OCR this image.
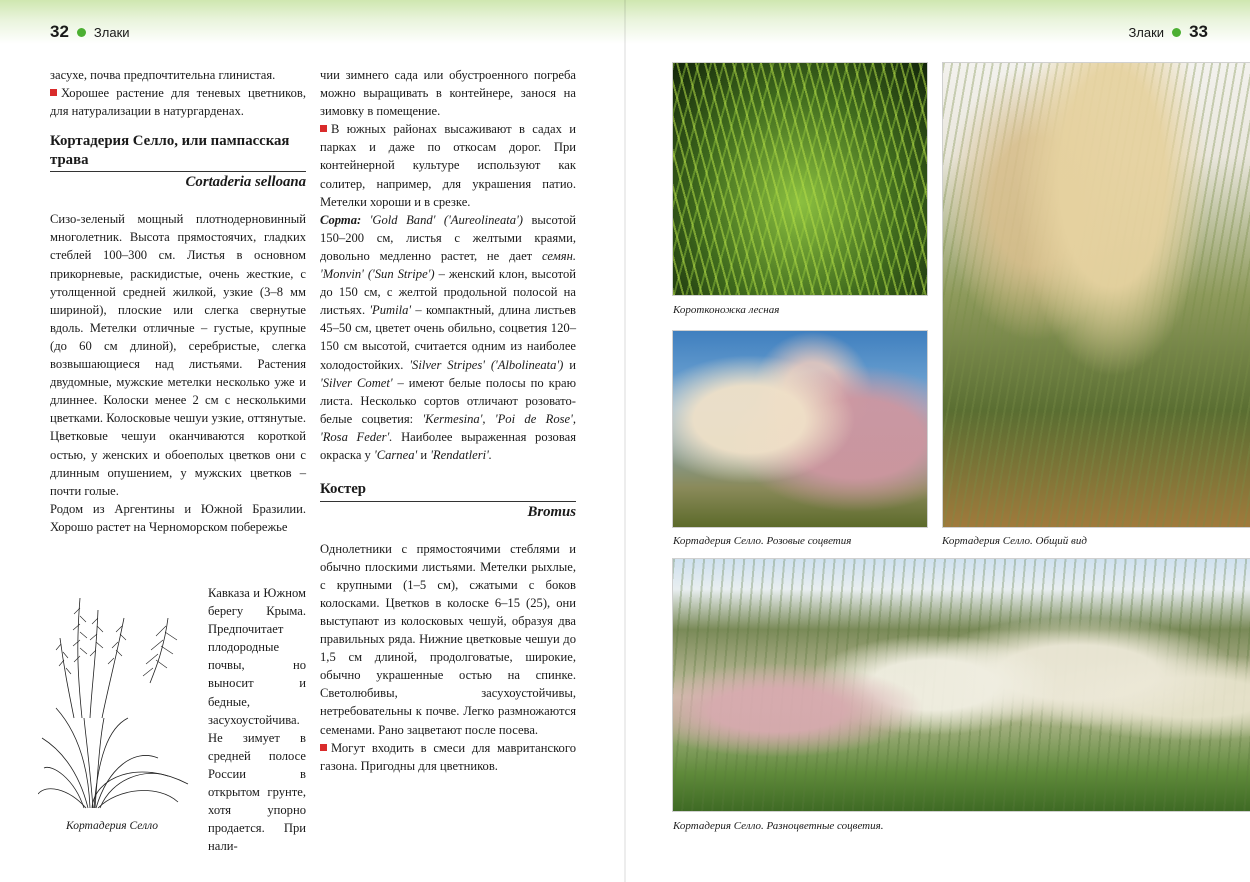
32 Злаки	Злаки 33

засухе, почва предпочтительна глинистая.

Хорошее растение для теневых цветников, для натурализации в натургарденах.

Кортадерия Селло, или пампасская трава
Cortaderia selloana

Сизо-зеленый мощный плотнодерновинный многолетник. Высота прямостоячих, гладких стеблей 100–300 см. Листья в основном прикорневые, раскидистые, очень жесткие, с утолщенной средней жилкой, узкие (3–8 мм шириной), плоские или слегка свернутые вдоль. Метелки отличные – густые, крупные (до 60 см длиной), серебристые, слегка возвышающиеся над листьями. Растения двудомные, мужские метелки несколько уже и длиннее. Колоски менее 2 см с несколькими цветками. Колосковые чешуи узкие, оттянутые. Цветковые чешуи оканчиваются короткой остью, у женских и обоеполых цветков они с длинным опушением, у мужских цветков – почти голые.

Родом из Аргентины и Южной Бразилии. Хорошо растет на Черноморском побережье

Кортадерия Селло
Кавказа и Южном берегу Крыма. Предпочитает плодородные почвы, но выносит и бедные, засухоустойчива. Не зимует в средней полосе России в открытом грунте, хотя упорно продается. При нали-

чии зимнего сада или обустроенного погреба можно выращивать в контейнере, занося на зимовку в помещение.

В южных районах высаживают в садах и парках и даже по откосам дорог. При контейнерной культуре используют как солитер, например, для украшения патио. Метелки хороши и в срезке.

Сорта: 'Gold Band' ('Aureolineata') высотой 150–200 см, листья с желтыми краями, довольно медленно растет, не дает семян. 'Monvin' ('Sun Stripe') – женский клон, высотой до 150 см, с желтой продольной полосой на листьях. 'Pumila' – компактный, длина листьев 45–50 см, цветет очень обильно, соцветия 120–150 см высотой, считается одним из наиболее холодостойких. 'Silver Stripes' ('Albolineata') и 'Silver Comet' – имеют белые полосы по краю листа. Несколько сортов отличают розовато-белые соцветия: 'Kermesina', 'Poi de Rose', 'Rosa Feder'. Наиболее выраженная розовая окраска у 'Carnea' и 'Rendatleri'.

Костер
Bromus

Однолетники с прямостоячими стеблями и обычно плоскими листьями. Метелки рыхлые, с крупными (1–5 см), сжатыми с боков колосками. Цветков в колоске 6–15 (25), они выступают из колосковых чешуй, образуя два правильных ряда. Нижние цветковые чешуи до 1,5 см длиной, продолговатые, широкие, обычно украшенные остью на спинке. Светолюбивы, засухоустойчивы, нетребовательны к почве. Легко размножаются семенами. Рано зацветают после посева.

Могут входить в смеси для мавританского газона. Пригодны для цветников.

Коротконожка лесная
Кортадерия Селло. Розовые соцветия	Кортадерия Селло. Общий вид
Кортадерия Селло. Разноцветные соцветия.
